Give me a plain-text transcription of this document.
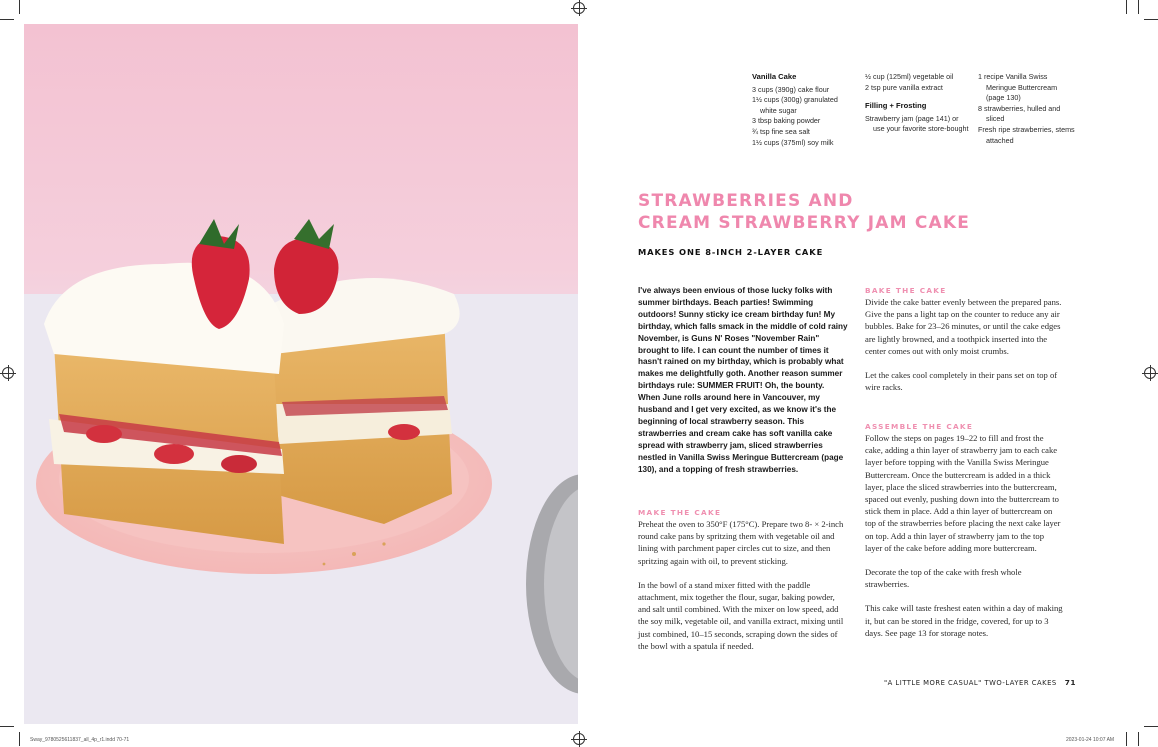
Vanilla Cake
3 cups (390g) cake flour
1½ cups (300g) granulated white sugar
3 tbsp baking powder
¾ tsp fine sea salt
1½ cups (375ml) soy milk
½ cup (125ml) vegetable oil
2 tsp pure vanilla extract
Filling + Frosting
Strawberry jam (page 141) or use your favorite store-bought
1 recipe Vanilla Swiss Meringue Buttercream (page 130)
8 strawberries, hulled and sliced
Fresh ripe strawberries, stems attached
STRAWBERRIES AND
CREAM STRAWBERRY JAM CAKE
MAKES ONE 8-INCH 2-LAYER CAKE
I've always been envious of those lucky folks with summer birthdays. Beach parties! Swimming outdoors! Sunny sticky ice cream birthday fun! My birthday, which falls smack in the middle of cold rainy November, is Guns N' Roses "November Rain" brought to life. I can count the number of times it hasn't rained on my birthday, which is probably what makes me delightfully goth. Another reason summer birthdays rule: SUMMER FRUIT! Oh, the bounty. When June rolls around here in Vancouver, my husband and I get very excited, as we know it's the beginning of local strawberry season. This strawberries and cream cake has soft vanilla cake spread with strawberry jam, sliced strawberries nestled in Vanilla Swiss Meringue Buttercream (page 130), and a topping of fresh strawberries.
MAKE THE CAKE

Preheat the oven to 350°F (175°C). Prepare two 8- × 2-inch round cake pans by spritzing them with vegetable oil and lining with parchment paper circles cut to size, and then spritzing again with oil, to prevent sticking.

In the bowl of a stand mixer fitted with the paddle attachment, mix together the flour, sugar, baking powder, and salt until combined. With the mixer on low speed, add the soy milk, vegetable oil, and vanilla extract, mixing until just combined, 10–15 seconds, scraping down the sides of the bowl with a spatula if needed.

BAKE THE CAKE

Divide the cake batter evenly between the prepared pans. Give the pans a light tap on the counter to reduce any air bubbles. Bake for 23–26 minutes, or until the cake edges are lightly browned, and a toothpick inserted into the center comes out with only moist crumbs.

Let the cakes cool completely in their pans set on top of wire racks.

ASSEMBLE THE CAKE

Follow the steps on pages 19–22 to fill and frost the cake, adding a thin layer of strawberry jam to each cake layer before topping with the Vanilla Swiss Meringue Buttercream. Once the buttercream is added in a thick layer, place the sliced strawberries into the buttercream, spaced out evenly, pushing down into the buttercream to stick them in place. Add a thin layer of buttercream on top of the strawberries before placing the next cake layer on top. Add a thin layer of strawberry jam to the top layer of the cake before adding more buttercream.

Decorate the top of the cake with fresh whole strawberries.

This cake will taste freshest eaten within a day of making it, but can be stored in the fridge, covered, for up to 3 days. See page 13 for storage notes.

"A LITTLE MORE CASUAL" TWO-LAYER CAKES 71
Sway_9780525611837_all_4p_r1.indd 70-71	2023-01-24 10:07 AM
